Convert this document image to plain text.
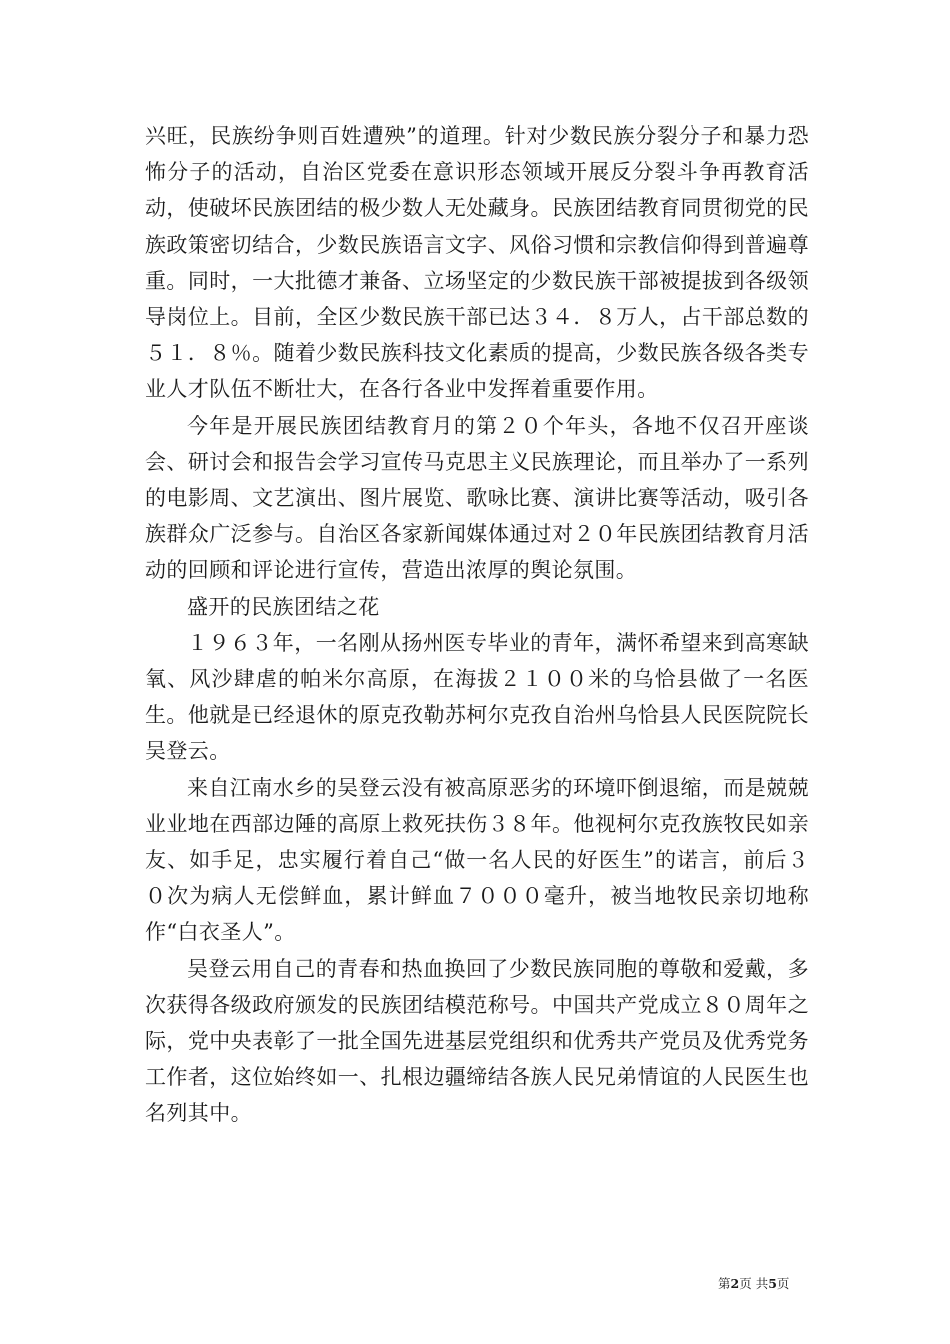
兴旺，民族纷争则百姓遭殃”的道理。针对少数民族分裂分子和暴力恐怖分子的活动，自治区党委在意识形态领域开展反分裂斗争再教育活动，使破坏民族团结的极少数人无处藏身。民族团结教育同贯彻党的民族政策密切结合，少数民族语言文字、风俗习惯和宗教信仰得到普遍尊重。同时，一大批德才兼备、立场坚定的少数民族干部被提拔到各级领导岗位上。目前，全区少数民族干部已达３４．８万人，占干部总数的５１．８％。随着少数民族科技文化素质的提高，少数民族各级各类专业人才队伍不断壮大，在各行各业中发挥着重要作用。

今年是开展民族团结教育月的第２０个年头，各地不仅召开座谈会、研讨会和报告会学习宣传马克思主义民族理论，而且举办了一系列的电影周、文艺演出、图片展览、歌咏比赛、演讲比赛等活动，吸引各族群众广泛参与。自治区各家新闻媒体通过对２０年民族团结教育月活动的回顾和评论进行宣传，营造出浓厚的舆论氛围。

盛开的民族团结之花

１９６３年，一名刚从扬州医专毕业的青年，满怀希望来到高寒缺氧、风沙肆虐的帕米尔高原，在海拔２１００米的乌恰县做了一名医生。他就是已经退休的原克孜勒苏柯尔克孜自治州乌恰县人民医院院长吴登云。

来自江南水乡的吴登云没有被高原恶劣的环境吓倒退缩，而是兢兢业业地在西部边陲的高原上救死扶伤３８年。他视柯尔克孜族牧民如亲友、如手足，忠实履行着自己“做一名人民的好医生”的诺言，前后３０次为病人无偿鲜血，累计鲜血７０００毫升，被当地牧民亲切地称作“白衣圣人”。

吴登云用自己的青春和热血换回了少数民族同胞的尊敬和爱戴，多次获得各级政府颁发的民族团结模范称号。中国共产党成立８０周年之际，党中央表彰了一批全国先进基层党组织和优秀共产党员及优秀党务工作者，这位始终如一、扎根边疆缔结各族人民兄弟情谊的人民医生也名列其中。

第2页 共5页
